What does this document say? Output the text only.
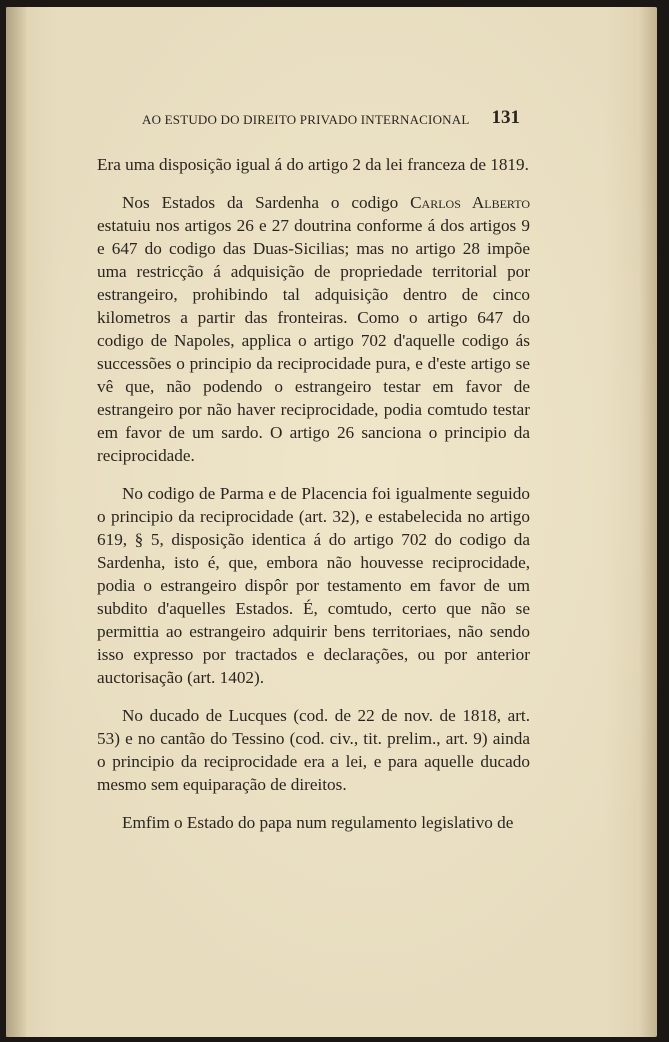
AO ESTUDO DO DIREITO PRIVADO INTERNACIONAL 131

Era uma disposição igual á do artigo 2 da lei franceza de 1819.

Nos Estados da Sardenha o codigo Carlos Alberto estatuiu nos artigos 26 e 27 doutrina conforme á dos artigos 9 e 647 do codigo das Duas-Sicilias; mas no artigo 28 impõe uma restricção á adquisição de propriedade territorial por estrangeiro, prohibindo tal adquisição dentro de cinco kilometros a partir das fronteiras. Como o artigo 647 do codigo de Napoles, applica o artigo 702 d'aquelle codigo ás successões o principio da reciprocidade pura, e d'este artigo se vê que, não podendo o estrangeiro testar em favor de estrangeiro por não haver reciprocidade, podia comtudo testar em favor de um sardo. O artigo 26 sanciona o principio da reciprocidade.

No codigo de Parma e de Placencia foi igualmente seguido o principio da reciprocidade (art. 32), e estabelecida no artigo 619, § 5, disposição identica á do artigo 702 do codigo da Sardenha, isto é, que, embora não houvesse reciprocidade, podia o estrangeiro dispôr por testamento em favor de um subdito d'aquelles Estados. É, comtudo, certo que não se permittia ao estrangeiro adquirir bens territoriaes, não sendo isso expresso por tractados e declarações, ou por anterior auctorisação (art. 1402).

No ducado de Lucques (cod. de 22 de nov. de 1818, art. 53) e no cantão do Tessino (cod. civ., tit. prelim., art. 9) ainda o principio da reciprocidade era a lei, e para aquelle ducado mesmo sem equiparação de direitos.

Emfim o Estado do papa num regulamento legislativo de
